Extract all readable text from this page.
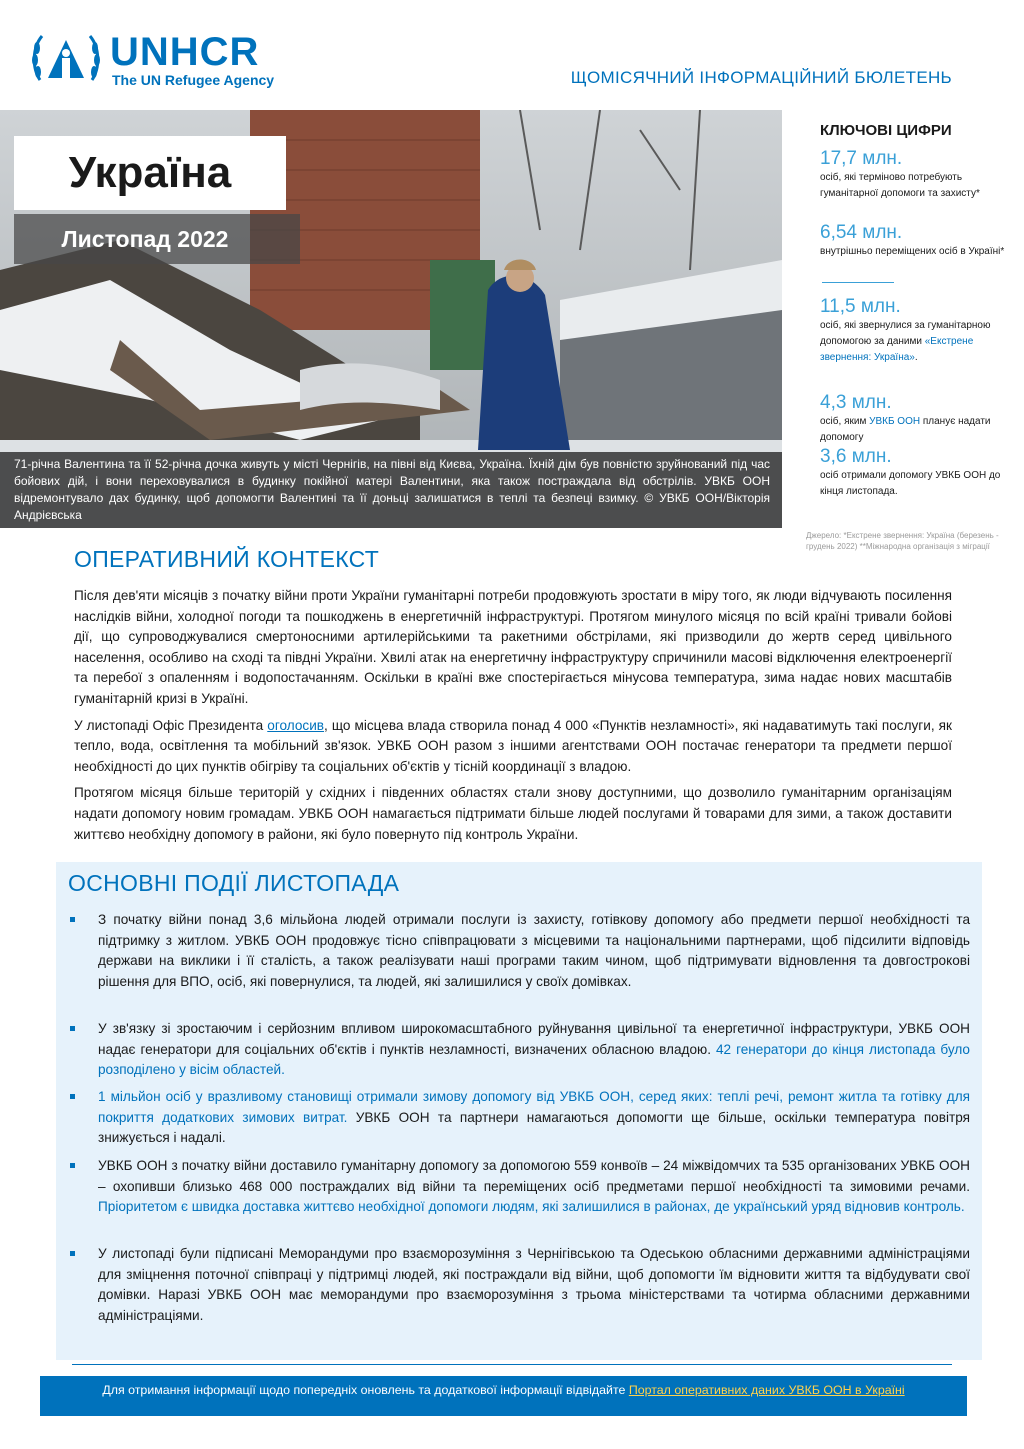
UNHCR
The UN Refugee Agency	ЩОМІСЯЧНИЙ ІНФОРМАЦІЙНИЙ БЮЛЕТЕНЬ
Україна
Листопад 2022
71-річна Валентина та її 52-річна дочка живуть у місті Чернігів, на півні від Києва, Україна. Їхній дім був повністю зруйнований під час бойових дій, і вони переховувалися в будинку покійної матері Валентини, яка також постраждала від обстрілів. УВКБ ООН відремонтувало дах будинку, щоб допомогти Валентині та її доньці залишатися в теплі та безпеці взимку. © УВКБ ООН/Вікторія Андрієвська
КЛЮЧОВІ ЦИФРИ
17,7 млн.
осіб, які терміново потребують гуманітарної допомоги та захисту*
6,54 млн.
внутрішньо переміщених осіб в Україні*
11,5 млн.
осіб, які звернулися за гуманітарною допомогою за даними «Екстрене звернення: Україна».
4,3 млн.
осіб, яким УВКБ ООН планує надати допомогу
3,6 млн.
осіб отримали допомогу УВКБ ООН до кінця листопада.
Джерело: *Екстрене звернення: Україна (березень - грудень 2022) **Міжнародна організація з міграції
ОПЕРАТИВНИЙ КОНТЕКСТ

Після дев'яти місяців з початку війни проти України гуманітарні потреби продовжують зростати в міру того, як люди відчувають посилення наслідків війни, холодної погоди та пошкоджень в енергетичній інфраструктурі. Протягом минулого місяця по всій країні тривали бойові дії, що супроводжувалися смертоносними артилерійськими та ракетними обстрілами, які призводили до жертв серед цивільного населення, особливо на сході та півдні України. Хвилі атак на енергетичну інфраструктуру спричинили масові відключення електроенергії та перебої з опаленням і водопостачанням. Оскільки в країні вже спостерігається мінусова температура, зима надає нових масштабів гуманітарній кризі в Україні.

У листопаді Офіс Президента оголосив, що місцева влада створила понад 4 000 «Пунктів незламності», які надаватимуть такі послуги, як тепло, вода, освітлення та мобільний зв'язок. УВКБ ООН разом з іншими агентствами ООН постачає генератори та предмети першої необхідності до цих пунктів обігріву та соціальних об'єктів у тісній координації з владою.

Протягом місяця більше територій у східних і південних областях стали знову доступними, що дозволило гуманітарним організаціям надати допомогу новим громадам. УВКБ ООН намагається підтримати більше людей послугами й товарами для зими, а також доставити життєво необхідну допомогу в райони, які було повернуто під контроль України.

ОСНОВНІ ПОДІЇ ЛИСТОПАДА
З початку війни понад 3,6 мільйона людей отримали послуги із захисту, готівкову допомогу або предмети першої необхідності та підтримку з житлом. УВКБ ООН продовжує тісно співпрацювати з місцевими та національними партнерами, щоб підсилити відповідь держави на виклики і її сталість, а також реалізувати наші програми таким чином, щоб підтримувати відновлення та довгострокові рішення для ВПО, осіб, які повернулися, та людей, які залишилися у своїх домівках.
У зв'язку зі зростаючим і серйозним впливом широкомасштабного руйнування цивільної та енергетичної інфраструктури, УВКБ ООН надає генератори для соціальних об'єктів і пунктів незламності, визначених обласною владою. 42 генератори до кінця листопада було розподілено у вісім областей.
1 мільйон осіб у вразливому становищі отримали зимову допомогу від УВКБ ООН, серед яких: теплі речі, ремонт житла та готівку для покриття додаткових зимових витрат. УВКБ ООН та партнери намагаються допомогти ще більше, оскільки температура повітря знижується і надалі.
УВКБ ООН з початку війни доставило гуманітарну допомогу за допомогою 559 конвоїв – 24 міжвідомчих та 535 організованих УВКБ ООН – охопивши близько 468 000 постраждалих від війни та переміщених осіб предметами першої необхідності та зимовими речами. Пріоритетом є швидка доставка життєво необхідної допомоги людям, які залишилися в районах, де український уряд відновив контроль.
У листопаді були підписані Меморандуми про взаєморозуміння з Чернігівською та Одеською обласними державними адміністраціями для зміцнення поточної співпраці у підтримці людей, які постраждали від війни, щоб допомогти їм відновити життя та відбудувати свої домівки. Наразі УВКБ ООН має меморандуми про взаєморозуміння з трьома міністерствами та чотирма обласними державними адміністраціями.
Для отримання інформації щодо попередніх оновлень та додаткової інформації відвідайте Портал оперативних даних УВКБ ООН в Україні
